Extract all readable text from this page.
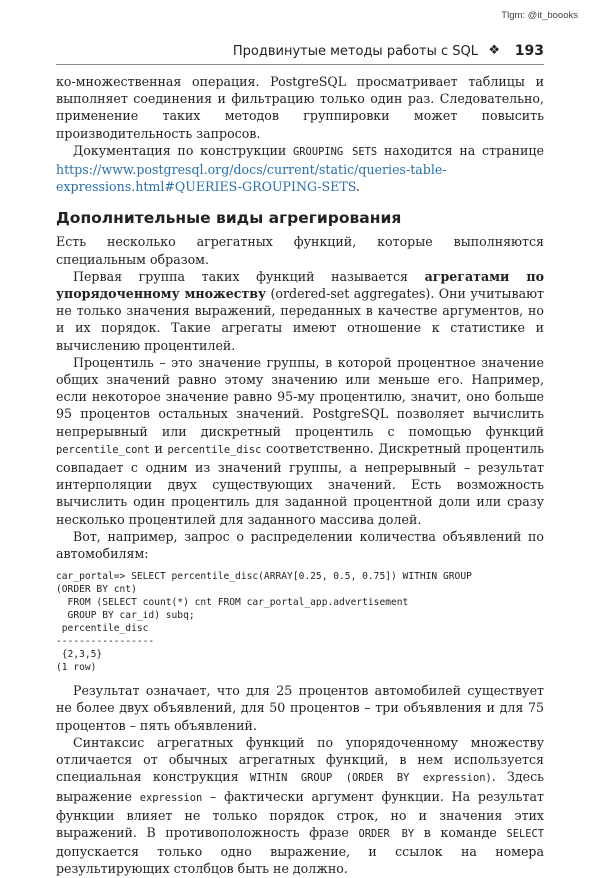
Tlgm: @it_boooks
Продвинутые методы работы с SQL ❖ 193

ко-множественная операция. PostgreSQL просматривает таблицы и выполняет соединения и фильтрацию только один раз. Следовательно, применение таких методов группировки может повысить производительность запросов.

Документация по конструкции GROUPING SETS находится на странице https://www.postgresql.org/docs/current/static/queries-table-expressions.html#QUERIES-GROUPING-SETS.

Дополнительные виды агрегирования

Есть несколько агрегатных функций, которые выполняются специальным образом.

Первая группа таких функций называется агрегатами по упорядоченному множеству (ordered-set aggregates). Они учитывают не только значения выражений, переданных в качестве аргументов, но и их порядок. Такие агрегаты имеют отношение к статистике и вычислению процентилей.

Процентиль – это значение группы, в которой процентное значение общих значений равно этому значению или меньше его. Например, если некоторое значение равно 95-му процентилю, значит, оно больше 95 процентов остальных значений. PostgreSQL позволяет вычислить непрерывный или дискретный процентиль с помощью функций percentile_cont и percentile_disc соответственно. Дискретный процентиль совпадает с одним из значений группы, а непрерывный – результат интерполяции двух существующих значений. Есть возможность вычислить один процентиль для заданной процентной доли или сразу несколько процентилей для заданного массива долей.

Вот, например, запрос о распределении количества объявлений по автомобилям:

car_portal=> SELECT percentile_disc(ARRAY[0.25, 0.5, 0.75]) WITHIN GROUP
(ORDER BY cnt)
FROM (SELECT count(*) cnt FROM car_portal_app.advertisement
GROUP BY car_id) subq;
percentile_disc
-----------------
{2,3,5}
(1 row)

Результат означает, что для 25 процентов автомобилей существует не более двух объявлений, для 50 процентов – три объявления и для 75 процентов – пять объявлений.

Синтаксис агрегатных функций по упорядоченному множеству отличается от обычных агрегатных функций, в нем используется специальная конструкция WITHIN GROUP (ORDER BY expression). Здесь выражение expression – фактически аргумент функции. На результат функции влияет не только порядок строк, но и значения этих выражений. В противоположность фразе ORDER BY в команде SELECT допускается только одно выражение, и ссылок на номера результирующих столбцов быть не должно.
